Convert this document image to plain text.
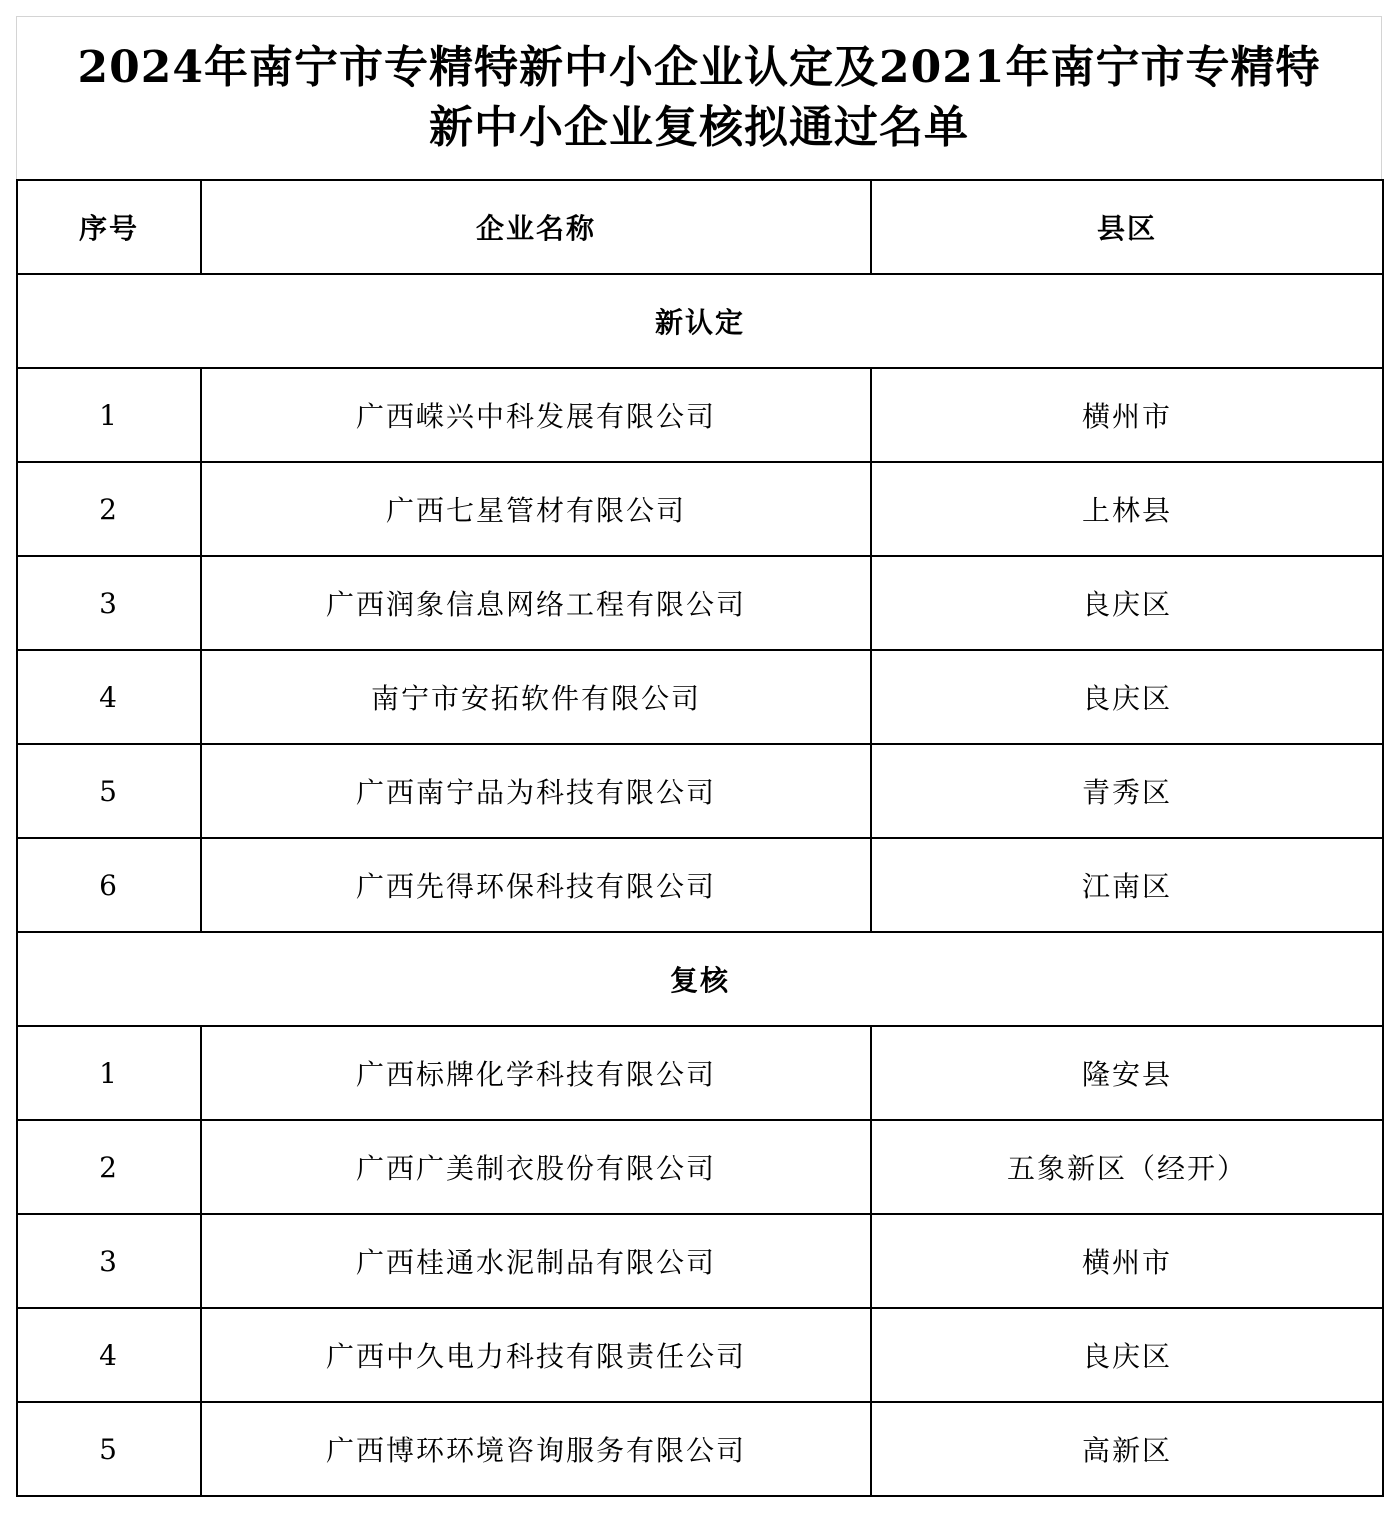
2024年南宁市专精特新中小企业认定及2021年南宁市专精特
新中小企业复核拟通过名单
序号	企业名称	县区
新认定		
1	广西嵘兴中科发展有限公司	横州市
2	广西七星管材有限公司	上林县
3	广西润象信息网络工程有限公司	良庆区
4	南宁市安拓软件有限公司	良庆区
5	广西南宁品为科技有限公司	青秀区
6	广西先得环保科技有限公司	江南区
复核		
1	广西标牌化学科技有限公司	隆安县
2	广西广美制衣股份有限公司	五象新区（经开）
3	广西桂通水泥制品有限公司	横州市
4	广西中久电力科技有限责任公司	良庆区
5	广西博环环境咨询服务有限公司	高新区
